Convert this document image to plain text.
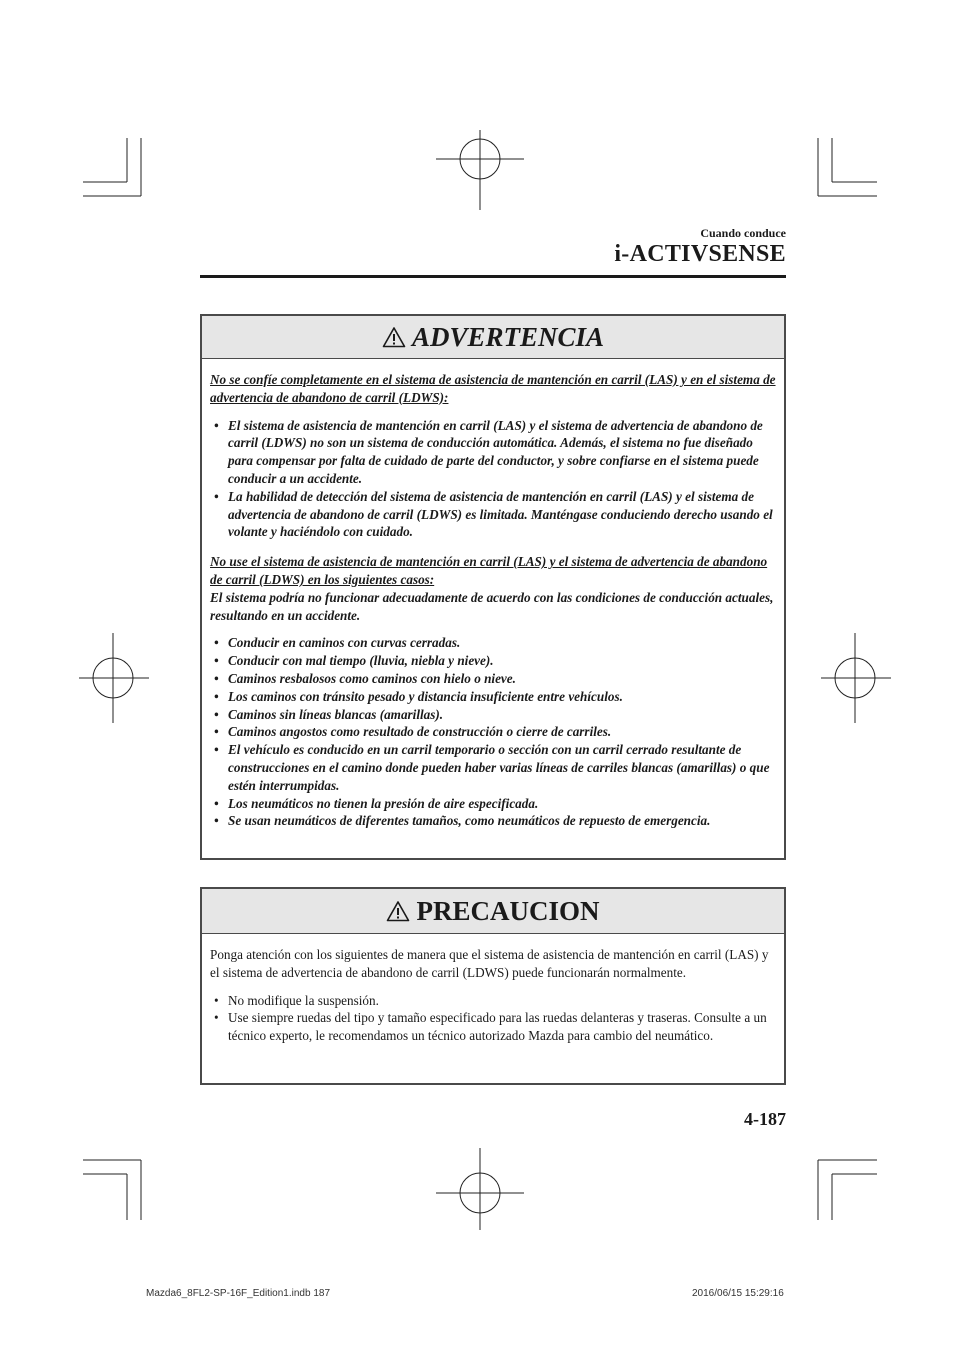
Cuando conduce
i-ACTIVSENSE
ADVERTENCIA

No se confíe completamente en el sistema de asistencia de mantención en carril (LAS) y en el sistema de advertencia de abandono de carril (LDWS):

• El sistema de asistencia de mantención en carril (LAS) y el sistema de advertencia de abandono de carril (LDWS) no son un sistema de conducción automática. Además, el sistema no fue diseñado para compensar por falta de cuidado de parte del conductor, y sobre confiarse en el sistema puede conducir a un accidente.
• La habilidad de detección del sistema de asistencia de mantención en carril (LAS) y el sistema de advertencia de abandono de carril (LDWS) es limitada. Manténgase conduciendo derecho usando el volante y haciéndolo con cuidado.

No use el sistema de asistencia de mantención en carril (LAS) y el sistema de advertencia de abandono de carril (LDWS) en los siguientes casos:

El sistema podría no funcionar adecuadamente de acuerdo con las condiciones de conducción actuales, resultando en un accidente.

• Conducir en caminos con curvas cerradas.
• Conducir con mal tiempo (lluvia, niebla y nieve).
• Caminos resbalosos como caminos con hielo o nieve.
• Los caminos con tránsito pesado y distancia insuficiente entre vehículos.
• Caminos sin líneas blancas (amarillas).
• Caminos angostos como resultado de construcción o cierre de carriles.
• El vehículo es conducido en un carril temporario o sección con un carril cerrado resultante de construcciones en el camino donde pueden haber varias líneas de carriles blancas (amarillas) o que estén interrumpidas.
• Los neumáticos no tienen la presión de aire especificada.
• Se usan neumáticos de diferentes tamaños, como neumáticos de repuesto de emergencia.
PRECAUCION

Ponga atención con los siguientes de manera que el sistema de asistencia de mantención en carril (LAS) y el sistema de advertencia de abandono de carril (LDWS) puede funcionarán normalmente.

• No modifique la suspensión.
• Use siempre ruedas del tipo y tamaño especificado para las ruedas delanteras y traseras. Consulte a un técnico experto, le recomendamos un técnico autorizado Mazda para cambio del neumático.
4-187
Mazda6_8FL2-SP-16F_Edition1.indb 187	2016/06/15 15:29:16
